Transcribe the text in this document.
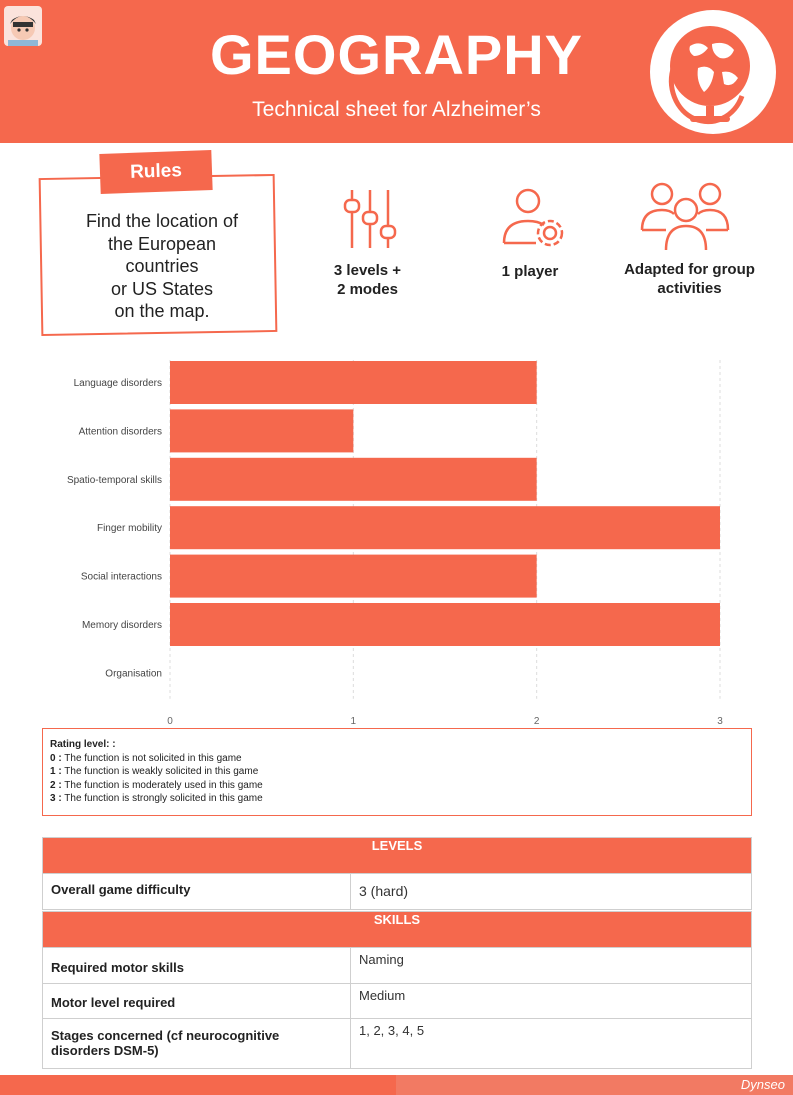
GEOGRAPHY
Technical sheet for Alzheimer’s
Rules
Find the location of
the European
countries
or US States
on the map.
3 levels +
2 modes
1 player	Adapted for group
activities
0	1	2	3
Language disorders
Attention disorders
Spatio-temporal skills
Finger mobility
Social interactions
Memory disorders
Organisation
Rating level: :
0 : The function is not solicited in this game
1 : The function is weakly solicited in this game
2 : The function is moderately used in this game
3 : The function is strongly solicited in this game
LEVELS	
Overall game difficulty	3 (hard)

SKILLS	
Required motor skills	Naming
Motor level required	Medium
Stages concerned (cf neurocognitive disorders DSM-5)	1, 2, 3, 4, 5
Dynseo
